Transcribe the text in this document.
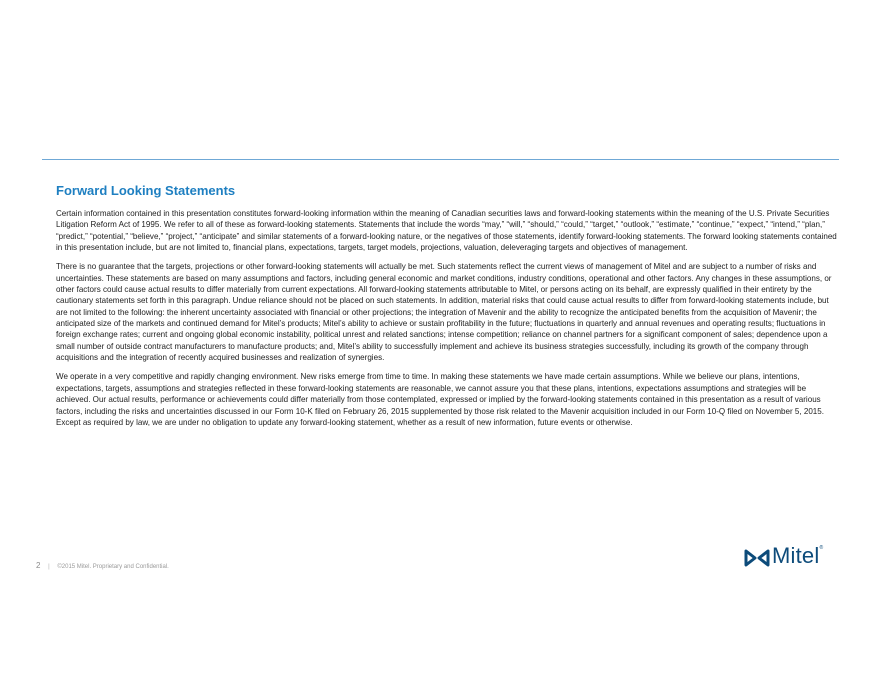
Forward Looking Statements

Certain information contained in this presentation constitutes forward-looking information within the meaning of Canadian securities laws and forward-looking statements within the meaning of the U.S. Private Securities Litigation Reform Act of 1995. We refer to all of these as forward-looking statements. Statements that include the words “may,” “will,” “should,” “could,” “target,” “outlook,” “estimate,” “continue,” “expect,” “intend,” “plan,” “predict,” “potential,” “believe,” “project,” “anticipate” and similar statements of a forward-looking nature, or the negatives of those statements, identify forward-looking statements. The forward looking statements contained in this presentation include, but are not limited to, financial plans, expectations, targets, target models, projections, valuation, deleveraging targets and objectives of management.

There is no guarantee that the targets, projections or other forward-looking statements will actually be met. Such statements reflect the current views of management of Mitel and are subject to a number of risks and uncertainties. These statements are based on many assumptions and factors, including general economic and market conditions, industry conditions, operational and other factors. Any changes in these assumptions, or other factors could cause actual results to differ materially from current expectations. All forward-looking statements attributable to Mitel, or persons acting on its behalf, are expressly qualified in their entirety by the cautionary statements set forth in this paragraph. Undue reliance should not be placed on such statements. In addition, material risks that could cause actual results to differ from forward-looking statements include, but are not limited to the following: the inherent uncertainty associated with financial or other projections; the integration of Mavenir and the ability to recognize the anticipated benefits from the acquisition of Mavenir; the anticipated size of the markets and continued demand for Mitel’s products; Mitel’s ability to achieve or sustain profitability in the future; fluctuations in quarterly and annual revenues and operating results; fluctuations in foreign exchange rates; current and ongoing global economic instability, political unrest and related sanctions; intense competition; reliance on channel partners for a significant component of sales; dependence upon a small number of outside contract manufacturers to manufacture products; and, Mitel’s ability to successfully implement and achieve its business strategies successfully, including its growth of the company through acquisitions and the integration of recently acquired businesses and realization of synergies.

We operate in a very competitive and rapidly changing environment. New risks emerge from time to time. In making these statements we have made certain assumptions. While we believe our plans, intentions, expectations, targets, assumptions and strategies reflected in these forward-looking statements are reasonable, we cannot assure you that these plans, intentions, expectations assumptions and strategies will be achieved. Our actual results, performance or achievements could differ materially from those contemplated, expressed or implied by the forward-looking statements contained in this presentation as a result of various factors, including the risks and uncertainties discussed in our Form 10-K filed on February 26, 2015 supplemented by those risk related to the Mavenir acquisition included in our Form 10-Q filed on November 5, 2015. Except as required by law, we are under no obligation to update any forward-looking statement, whether as a result of new information, future events or otherwise.

2 | ©2015 Mitel. Proprietary and Confidential.	Mitel®
